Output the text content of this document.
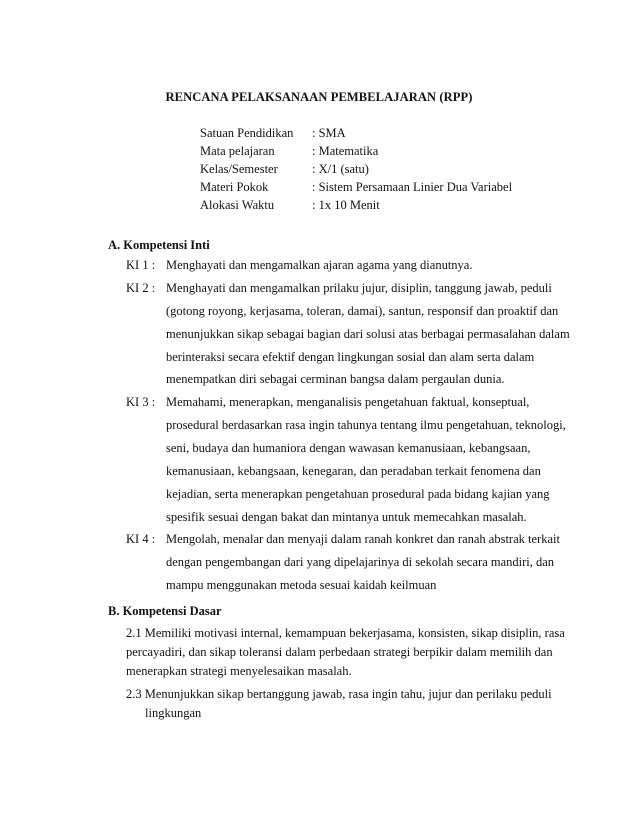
RENCANA PELAKSANAAN PEMBELAJARAN (RPP)
Satuan Pendidikan : SMA
Mata pelajaran	: Matematika
Kelas/Semester	: X/1 (satu)
Materi Pokok	: Sistem Persamaan Linier Dua Variabel
Alokasi Waktu	: 1x 10 Menit
A. Kompetensi Inti
KI 1 : Menghayati dan mengamalkan ajaran agama yang dianutnya.
KI 2 : Menghayati dan mengamalkan prilaku jujur, disiplin, tanggung jawab, peduli
(gotong royong, kerjasama, toleran, damai), santun, responsif dan proaktif dan
menunjukkan sikap sebagai bagian dari solusi atas berbagai permasalahan dalam
berinteraksi secara efektif dengan lingkungan sosial dan alam serta dalam
menempatkan diri sebagai cerminan bangsa dalam pergaulan dunia.
KI 3 : Memahami, menerapkan, menganalisis pengetahuan faktual, konseptual,
prosedural berdasarkan rasa ingin tahunya tentang ilmu pengetahuan, teknologi,
seni, budaya dan humaniora dengan wawasan kemanusiaan, kebangsaan,
kemanusiaan, kebangsaan, kenegaran, dan peradaban terkait fenomena dan
kejadian, serta menerapkan pengetahuan prosedural pada bidang kajian yang
spesifik sesuai dengan bakat dan mintanya untuk memecahkan masalah.
KI 4 : Mengolah, menalar dan menyaji dalam ranah konkret dan ranah abstrak terkait
dengan pengembangan dari yang dipelajarinya di sekolah secara mandiri, dan
mampu menggunakan metoda sesuai kaidah keilmuan
B. Kompetensi Dasar
2.1 Memiliki motivasi internal, kemampuan bekerjasama, konsisten, sikap disiplin, rasa
percayadiri, dan sikap toleransi dalam perbedaan strategi berpikir dalam memilih dan
menerapkan strategi menyelesaikan masalah.
2.3 Menunjukkan sikap bertanggung jawab, rasa ingin tahu, jujur dan perilaku peduli
lingkungan
